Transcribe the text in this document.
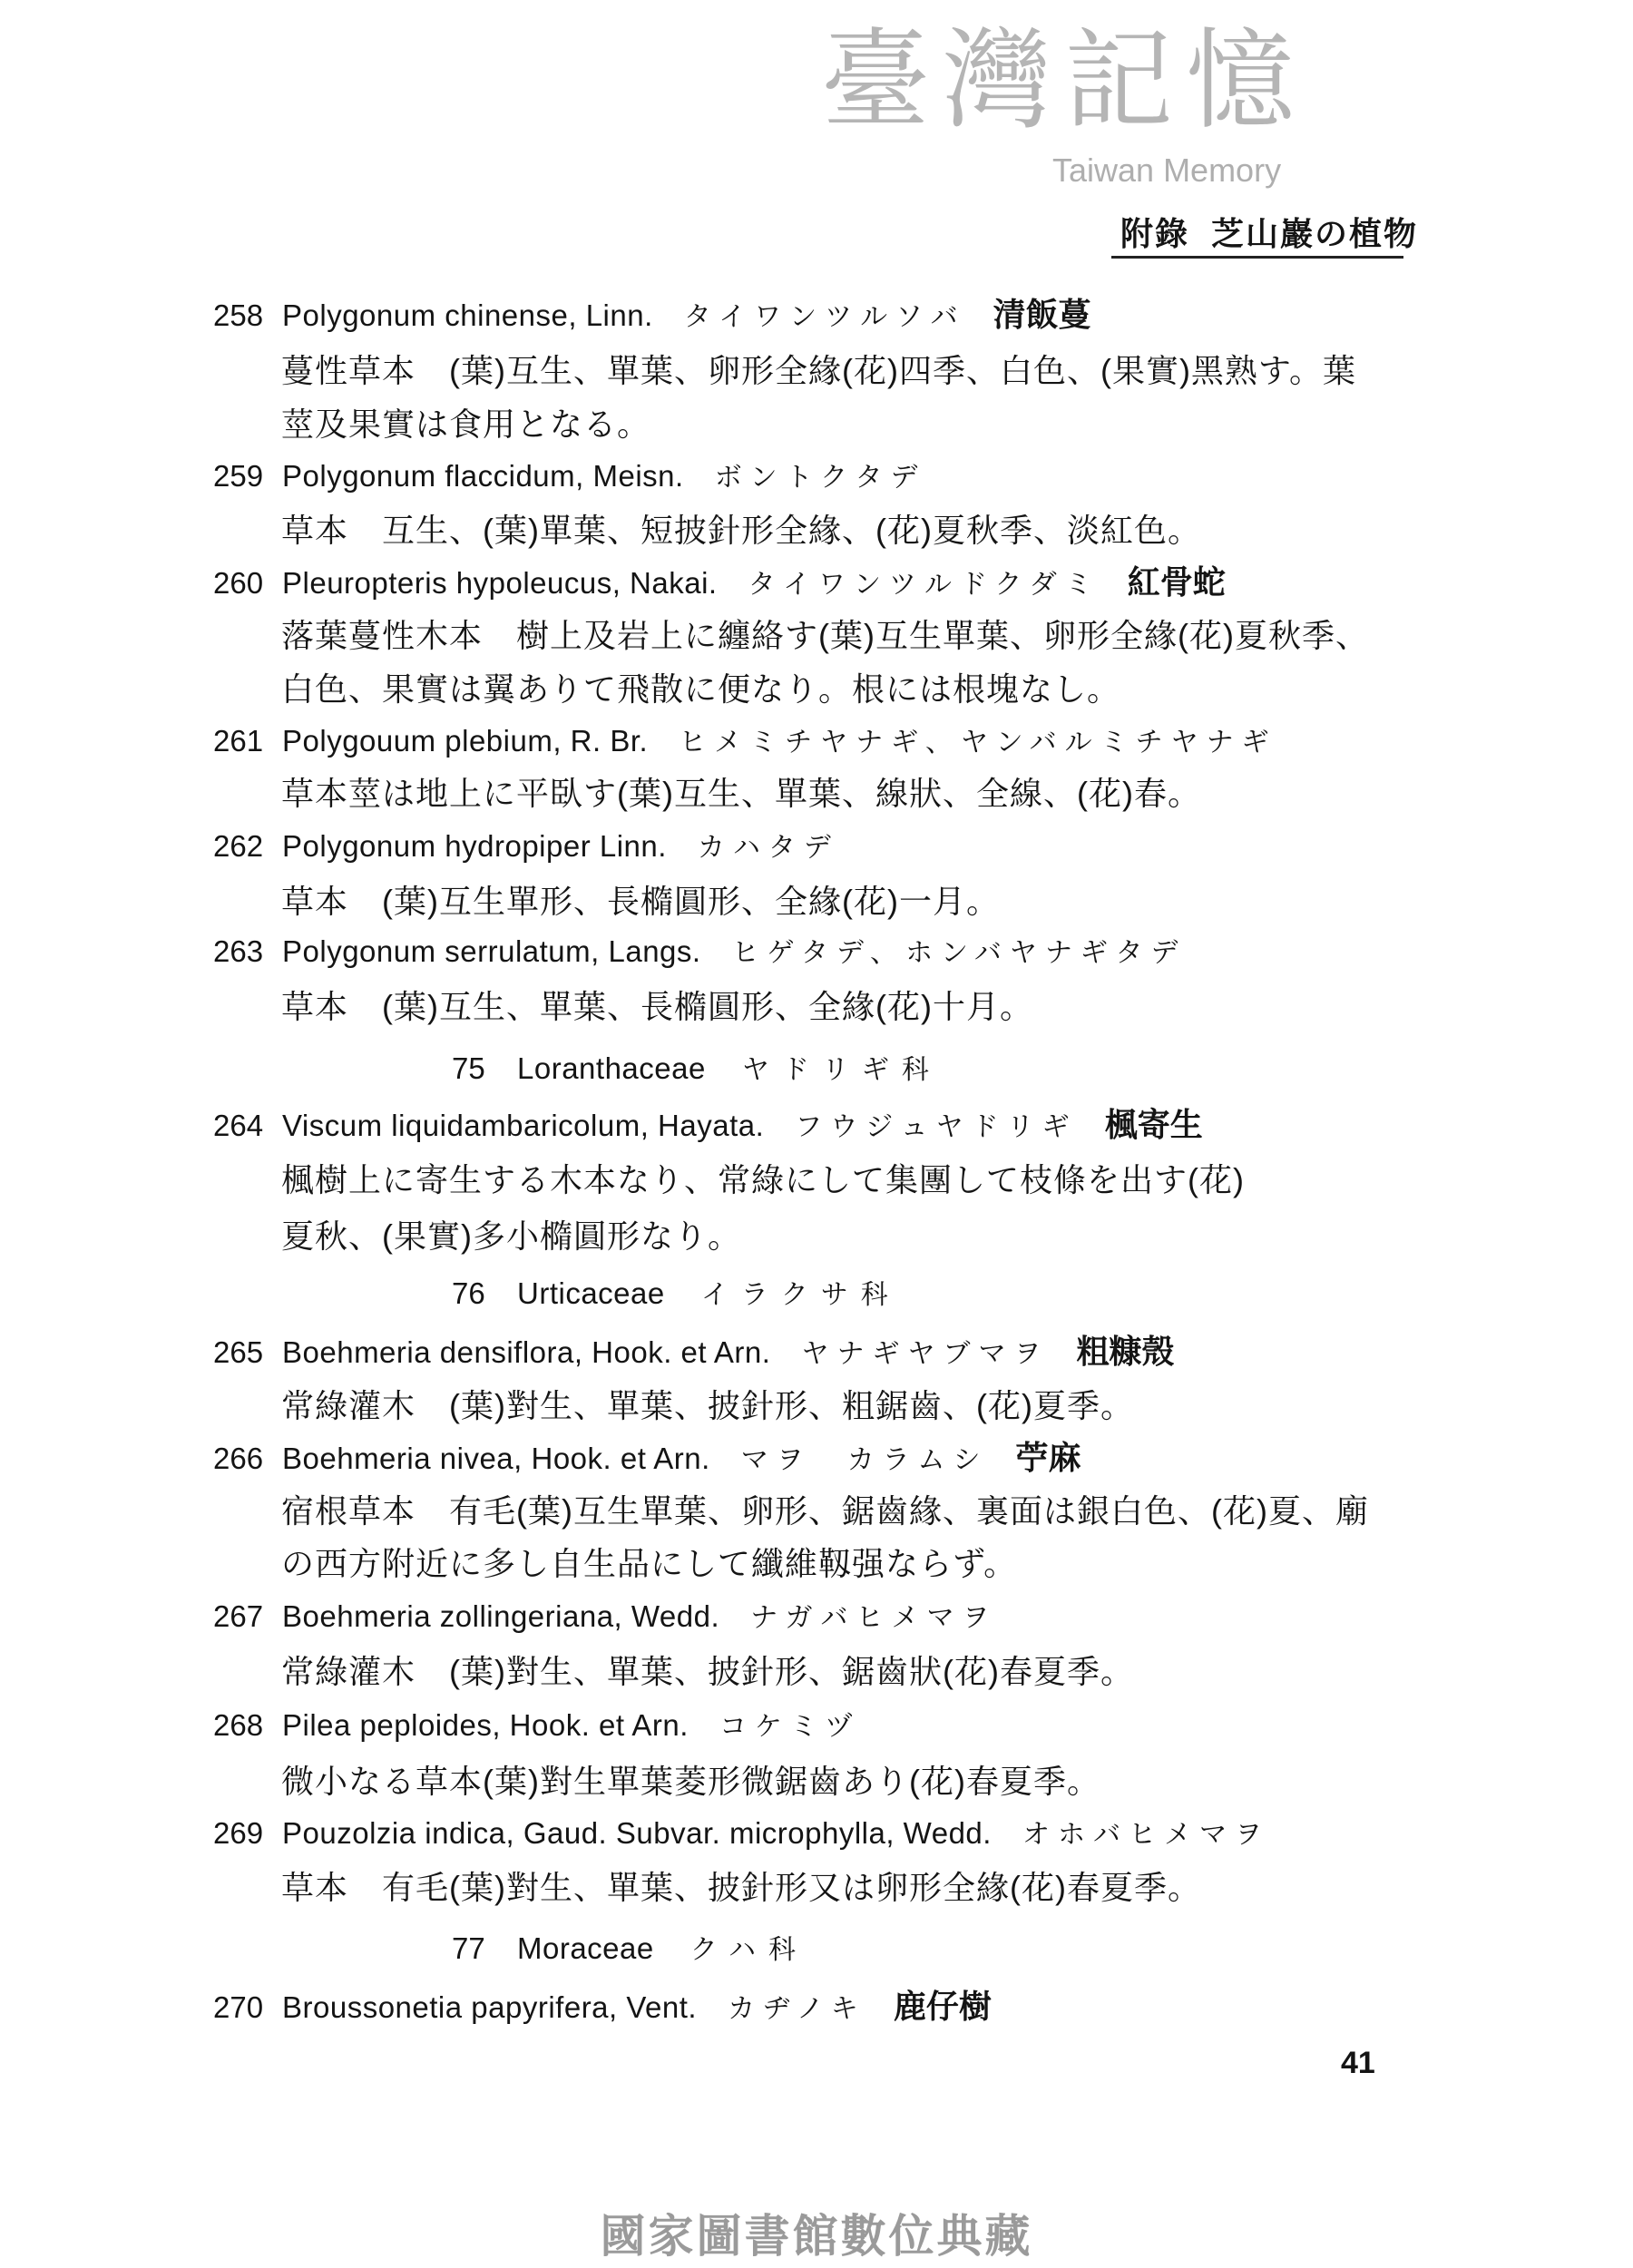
附錄 芝山巖の植物
258 Polygonum chinense, Linn. タイワンツルソバ 清飯蔓
蔓性草本　(葉)互生、單葉、卵形全緣(花)四季、白色、(果實)黑熟す。葉
莖及果實は食用となる。
259 Polygonum flaccidum, Meisn. ボントクタデ
草本　互生、(葉)單葉、短披針形全緣、(花)夏秋季、淡紅色。
260 Pleuropteris hypoleucus, Nakai. タイワンツルドクダミ 紅骨蛇
落葉蔓性木本　樹上及岩上に纏絡す(葉)互生單葉、卵形全緣(花)夏秋季、
白色、果實は翼ありて飛散に便なり。根には根塊なし。
261 Polygouum plebium, R. Br. ヒメミチヤナギ、ヤンバルミチヤナギ
草本莖は地上に平臥す(葉)互生、單葉、線狀、全線、(花)春。
262 Polygonum hydropiper Linn. カハタデ
草本　(葉)互生單形、長橢圓形、全緣(花)一月。
263 Polygonum serrulatum, Langs. ヒゲタデ、ホンバヤナギタデ
草本　(葉)互生、單葉、長橢圓形、全緣(花)十月。
75 Loranthaceae ヤドリギ科
264 Viscum liquidambaricolum, Hayata. フウジュヤドリギ 楓寄生
楓樹上に寄生する木本なり、常綠にして集團して枝條を出す(花)
夏秋、(果實)多小橢圓形なり。
76 Urticaceae イラクサ科
265 Boehmeria densiflora, Hook. et Arn. ヤナギヤブマヲ 粗糠殼
常綠灌木　(葉)對生、單葉、披針形、粗鋸齒、(花)夏季。
266 Boehmeria nivea, Hook. et Arn. マヲ　カラムシ 苧麻
宿根草本　有毛(葉)互生單葉、卵形、鋸齒緣、裏面は銀白色、(花)夏、廟
の西方附近に多し自生品にして纖維靱强ならず。
267 Boehmeria zollingeriana, Wedd. ナガバヒメマヲ
常綠灌木　(葉)對生、單葉、披針形、鋸齒狀(花)春夏季。
268 Pilea peploides, Hook. et Arn. コケミヅ
微小なる草本(葉)對生單葉菱形微鋸齒あり(花)春夏季。
269 Pouzolzia indica, Gaud. Subvar. microphylla, Wedd. オホバヒメマヲ
草本　有毛(葉)對生、單葉、披針形又は卵形全緣(花)春夏季。
77 Moraceae クハ科
270 Broussonetia papyrifera, Vent. カヂノキ 鹿仔樹
41
臺灣記憶
Taiwan Memory
國家圖書館數位典藏
